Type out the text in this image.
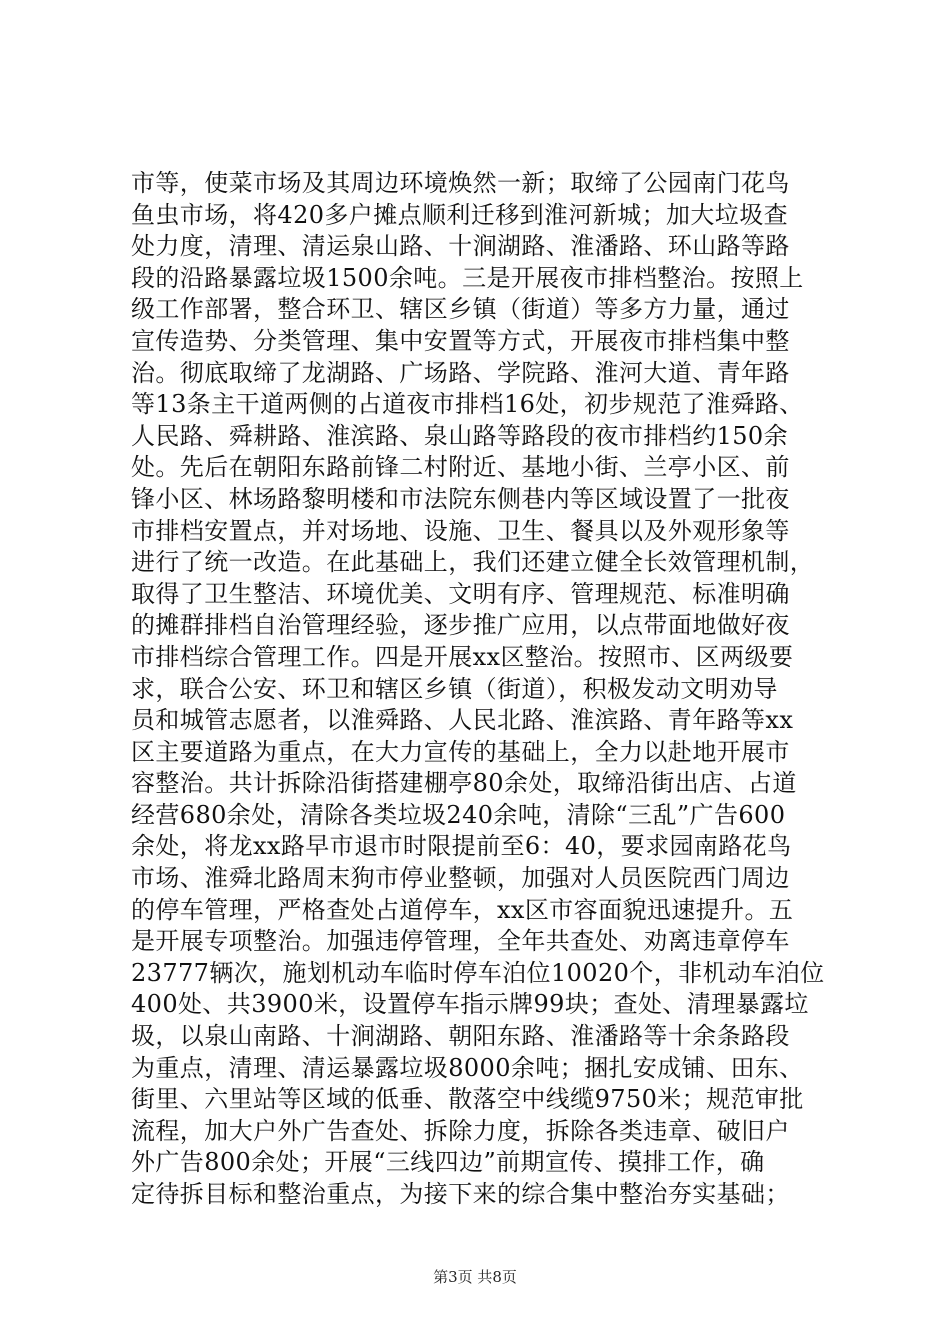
市等，使菜市场及其周边环境焕然一新；取缔了公园南门花鸟
鱼虫市场，将420多户摊点顺利迁移到淮河新城；加大垃圾查
处力度，清理、清运泉山路、十涧湖路、淮潘路、环山路等路
段的沿路暴露垃圾1500余吨。三是开展夜市排档整治。按照上
级工作部署，整合环卫、辖区乡镇（街道）等多方力量，通过
宣传造势、分类管理、集中安置等方式，开展夜市排档集中整
治。彻底取缔了龙湖路、广场路、学院路、淮河大道、青年路
等13条主干道两侧的占道夜市排档16处，初步规范了淮舜路、
人民路、舜耕路、淮滨路、泉山路等路段的夜市排档约150余
处。先后在朝阳东路前锋二村附近、基地小街、兰亭小区、前
锋小区、林场路黎明楼和市法院东侧巷内等区域设置了一批夜
市排档安置点，并对场地、设施、卫生、餐具以及外观形象等
进行了统一改造。在此基础上，我们还建立健全长效管理机制，
取得了卫生整洁、环境优美、文明有序、管理规范、标准明确
的摊群排档自治管理经验，逐步推广应用，以点带面地做好夜
市排档综合管理工作。四是开展xx区整治。按照市、区两级要
求，联合公安、环卫和辖区乡镇（街道），积极发动文明劝导
员和城管志愿者，以淮舜路、人民北路、淮滨路、青年路等xx
区主要道路为重点，在大力宣传的基础上，全力以赴地开展市
容整治。共计拆除沿街搭建棚亭80余处，取缔沿街出店、占道
经营680余处，清除各类垃圾240余吨，清除“三乱”广告600
余处，将龙xx路早市退市时限提前至6：40，要求园南路花鸟
市场、淮舜北路周末狗市停业整顿，加强对人员医院西门周边
的停车管理，严格查处占道停车，xx区市容面貌迅速提升。五
是开展专项整治。加强违停管理，全年共查处、劝离违章停车
23777辆次，施划机动车临时停车泊位10020个，非机动车泊位
400处、共3900米，设置停车指示牌99块；查处、清理暴露垃
圾，以泉山南路、十涧湖路、朝阳东路、淮潘路等十余条路段
为重点，清理、清运暴露垃圾8000余吨；捆扎安成铺、田东、
街里、六里站等区域的低垂、散落空中线缆9750米；规范审批
流程，加大户外广告查处、拆除力度，拆除各类违章、破旧户
外广告800余处；开展“三线四边”前期宣传、摸排工作，确
定待拆目标和整治重点，为接下来的综合集中整治夯实基础；
第3页 共8页
